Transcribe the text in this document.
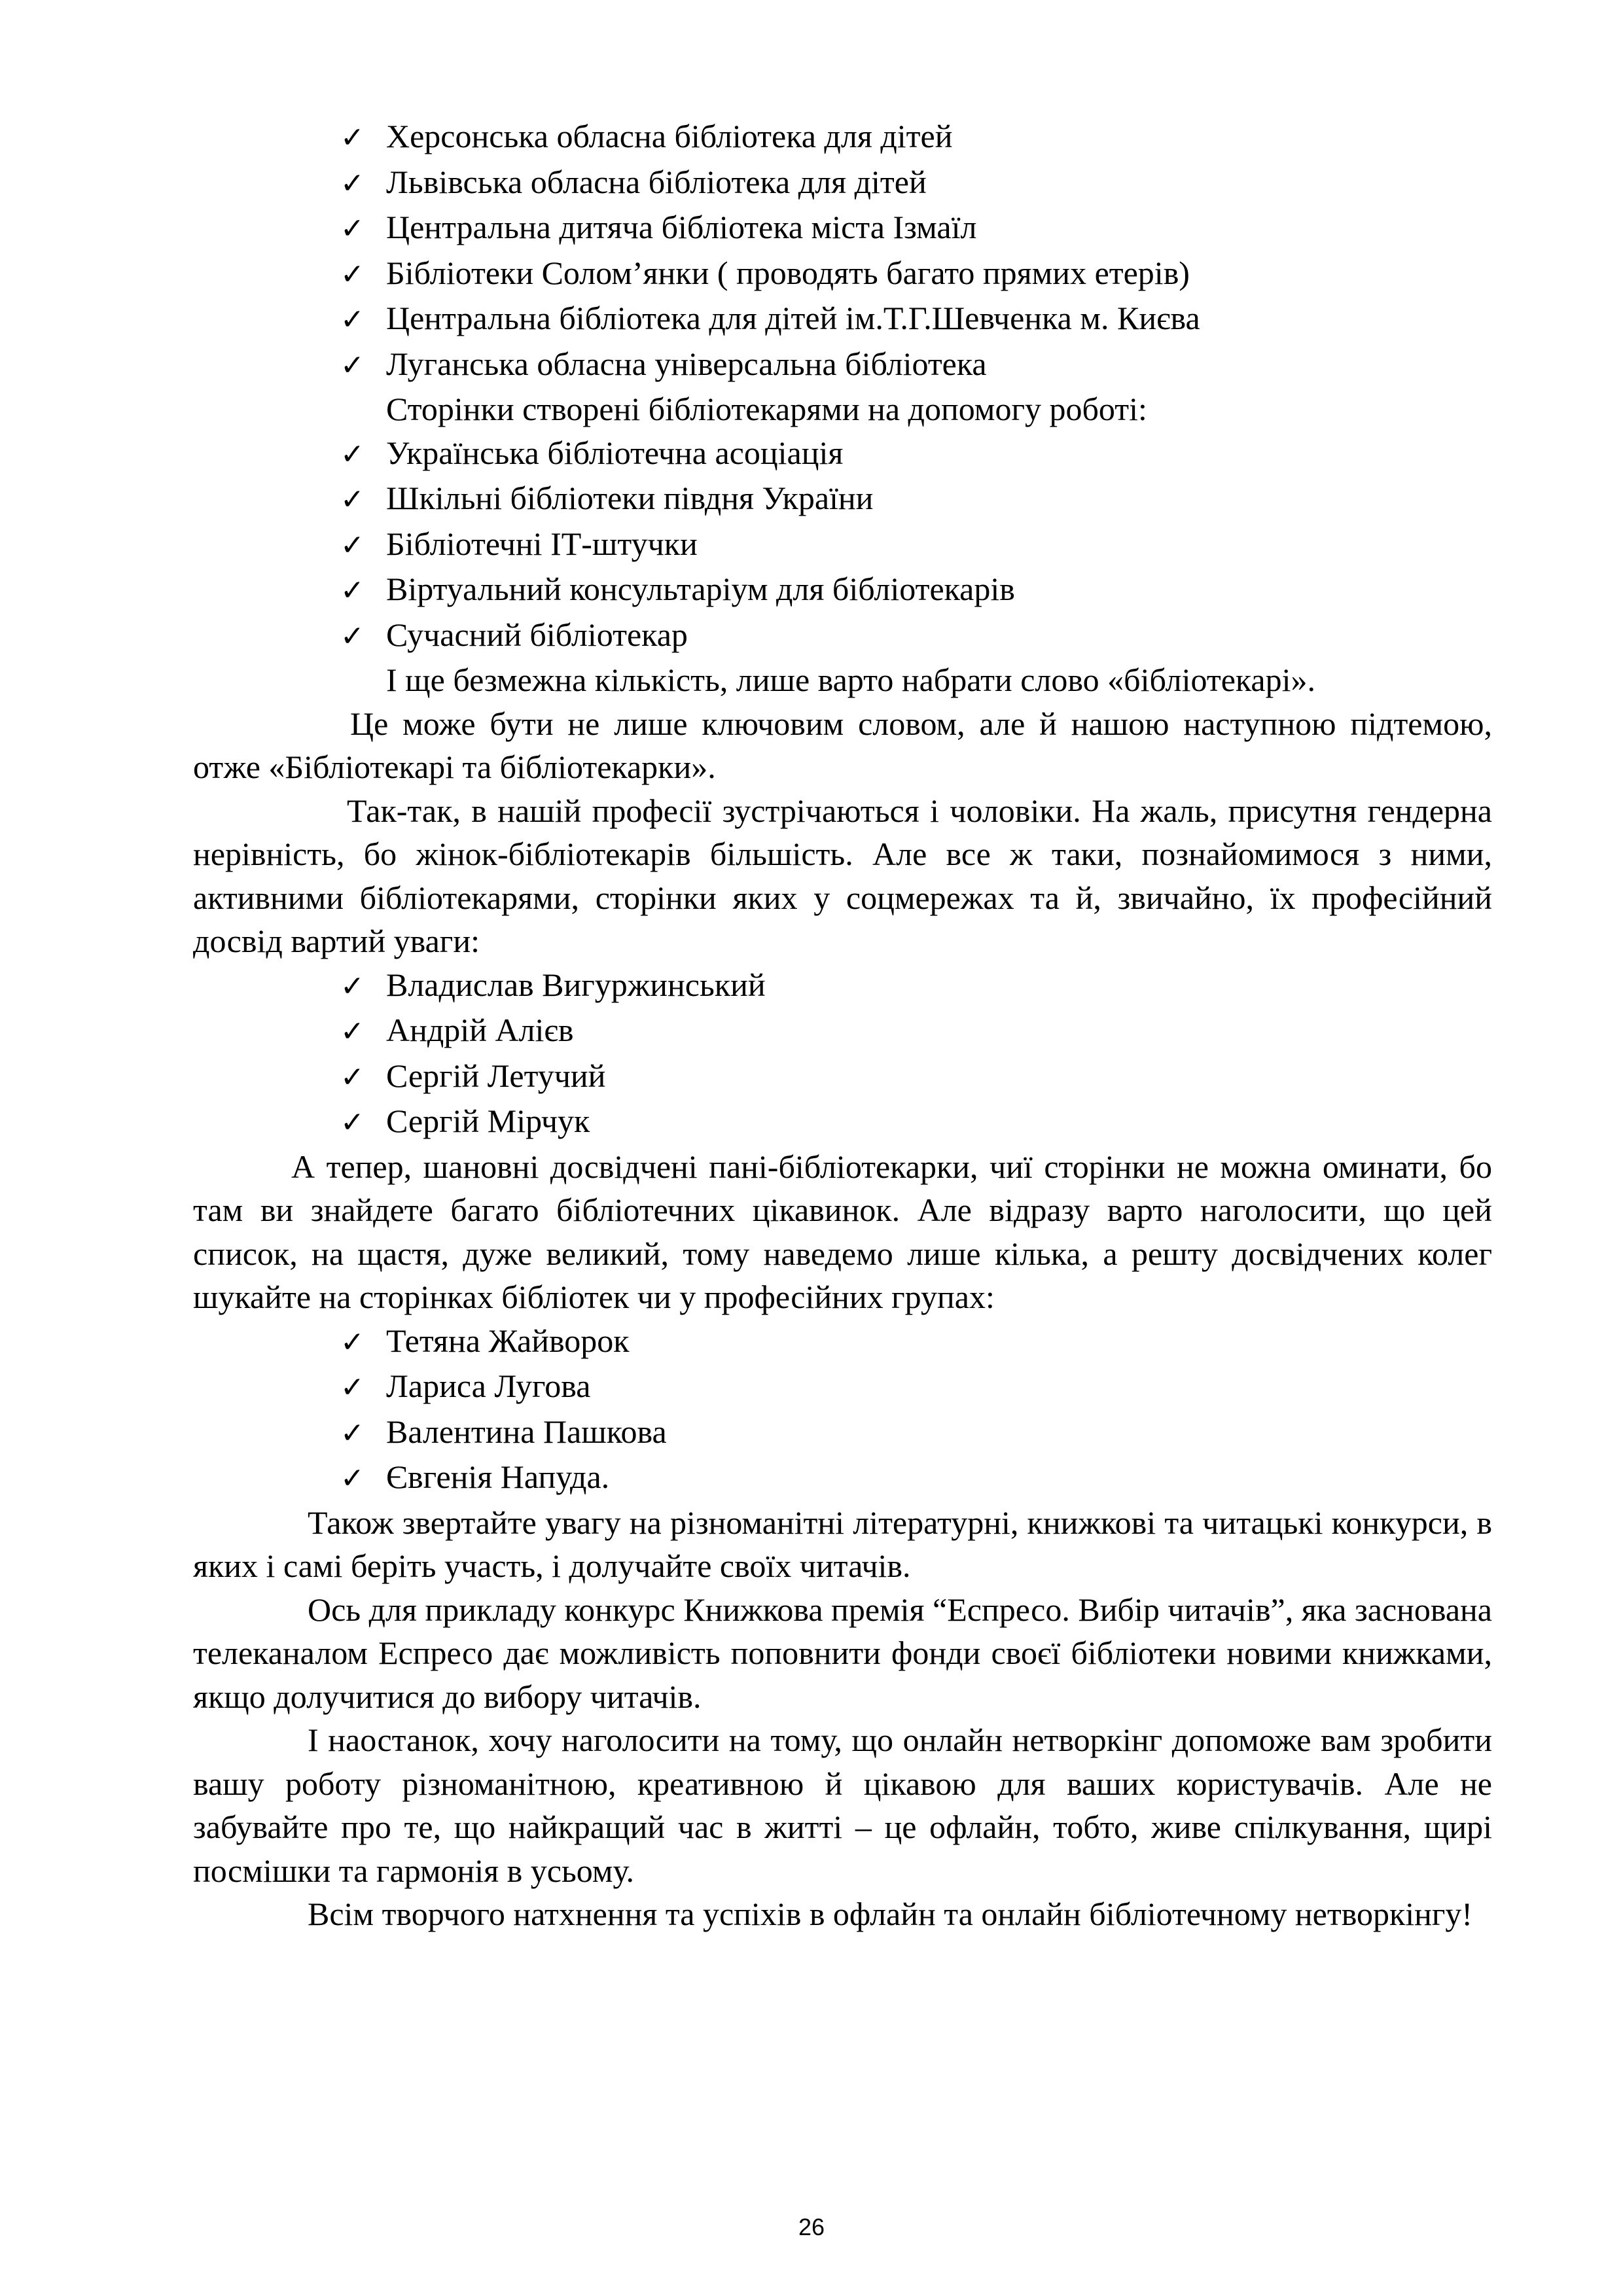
✓ Херсонська обласна бібліотека для дітей
✓ Львівська обласна бібліотека для дітей
✓ Центральна дитяча бібліотека міста Ізмаїл
✓ Бібліотеки Солом’янки ( проводять багато прямих етерів)
✓ Центральна бібліотека для дітей ім.Т.Г.Шевченка м. Києва
✓ Луганська обласна універсальна бібліотека
Сторінки створені бібліотекарями на допомогу роботі:
✓ Українська бібліотечна асоціація
✓ Шкільні бібліотеки півдня України
✓ Бібліотечні ІТ-штучки
✓ Віртуальний консультаріум для бібліотекарів
✓ Сучасний бібліотекар

І ще безмежна кількість, лише варто набрати слово «бібліотекарі».

Це може бути не лише ключовим словом, але й нашою наступною підтемою, отже «Бібліотекарі та бібліотекарки».

Так-так, в нашій професії зустрічаються і чоловіки. На жаль, присутня гендерна нерівність, бо жінок-бібліотекарів більшість. Але все ж таки, познайомимося з ними, активними бібліотекарями, сторінки яких у соцмережах та й, звичайно, їх професійний досвід вартий уваги:

✓ Владислав Вигуржинський
✓ Андрій Алієв
✓ Сергій Летучий
✓ Сергій Мірчук

А тепер, шановні досвідчені пані-бібліотекарки, чиї сторінки не можна оминати, бо там ви знайдете багато бібліотечних цікавинок. Але відразу варто наголосити, що цей список, на щастя, дуже великий, тому наведемо лише кілька, а решту досвідчених колег шукайте на сторінках бібліотек чи у професійних групах:

✓ Тетяна Жайворок
✓ Лариса Лугова
✓ Валентина Пашкова
✓ Євгенія Напуда.

Також звертайте увагу на різноманітні літературні, книжкові та читацькі конкурси, в яких і самі беріть участь, і долучайте своїх читачів.

Ось для прикладу конкурс Книжкова премія “Еспресо. Вибір читачів”, яка заснована телеканалом Еспресо дає можливість поповнити фонди своєї бібліотеки новими книжками, якщо долучитися до вибору читачів.

І наостанок, хочу наголосити на тому, що онлайн нетворкінг допоможе вам зробити вашу роботу різноманітною, креативною й цікавою для ваших користувачів. Але не забувайте про те, що найкращий час в житті – це офлайн, тобто, живе спілкування, щирі посмішки та гармонія в усьому.

Всім творчого натхнення та успіхів в офлайн та онлайн бібліотечному нетворкінгу!

26
